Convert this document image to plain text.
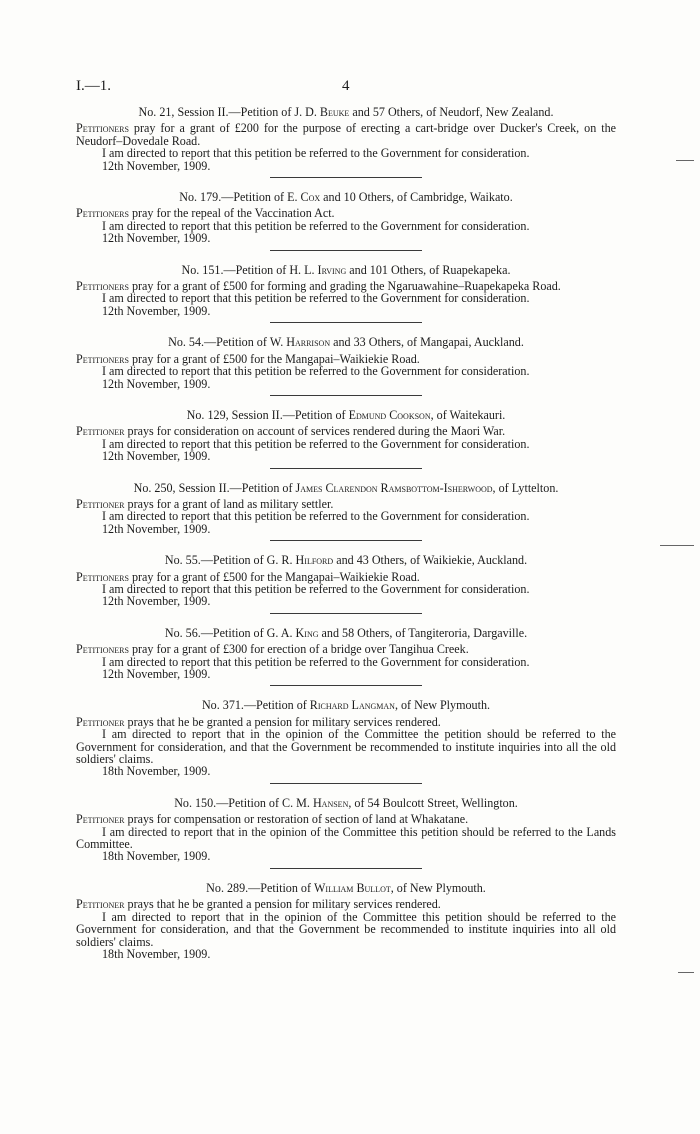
I.—1.	4
No. 21, Session II.—Petition of J. D. Beuke and 57 Others, of Neudorf, New Zealand.

Petitioners pray for a grant of £200 for the purpose of erecting a cart-bridge over Ducker's Creek, on the Neudorf–Dovedale Road.

I am directed to report that this petition be referred to the Government for consideration.

12th November, 1909.

No. 179.—Petition of E. Cox and 10 Others, of Cambridge, Waikato.

Petitioners pray for the repeal of the Vaccination Act.

I am directed to report that this petition be referred to the Government for consideration.

12th November, 1909.

No. 151.—Petition of H. L. Irving and 101 Others, of Ruapekapeka.

Petitioners pray for a grant of £500 for forming and grading the Ngaruawahine–Ruapekapeka Road.

I am directed to report that this petition be referred to the Government for consideration.

12th November, 1909.

No. 54.—Petition of W. Harrison and 33 Others, of Mangapai, Auckland.

Petitioners pray for a grant of £500 for the Mangapai–Waikiekie Road.

I am directed to report that this petition be referred to the Government for consideration.

12th November, 1909.

No. 129, Session II.—Petition of Edmund Cookson, of Waitekauri.

Petitioner prays for consideration on account of services rendered during the Maori War.

I am directed to report that this petition be referred to the Government for consideration.

12th November, 1909.

No. 250, Session II.—Petition of James Clarendon Ramsbottom-Isherwood, of Lyttelton.

Petitioner prays for a grant of land as military settler.

I am directed to report that this petition be referred to the Government for consideration.

12th November, 1909.

No. 55.—Petition of G. R. Hilford and 43 Others, of Waikiekie, Auckland.

Petitioners pray for a grant of £500 for the Mangapai–Waikiekie Road.

I am directed to report that this petition be referred to the Government for consideration.

12th November, 1909.

No. 56.—Petition of G. A. King and 58 Others, of Tangiteroria, Dargaville.

Petitioners pray for a grant of £300 for erection of a bridge over Tangihua Creek.

I am directed to report that this petition be referred to the Government for consideration.

12th November, 1909.

No. 371.—Petition of Richard Langman, of New Plymouth.

Petitioner prays that he be granted a pension for military services rendered.

I am directed to report that in the opinion of the Committee the petition should be referred to the Government for consideration, and that the Government be recommended to institute inquiries into all the old soldiers' claims.

18th November, 1909.

No. 150.—Petition of C. M. Hansen, of 54 Boulcott Street, Wellington.

Petitioner prays for compensation or restoration of section of land at Whakatane.

I am directed to report that in the opinion of the Committee this petition should be referred to the Lands Committee.

18th November, 1909.

No. 289.—Petition of William Bullot, of New Plymouth.

Petitioner prays that he be granted a pension for military services rendered.

I am directed to report that in the opinion of the Committee this petition should be referred to the Government for consideration, and that the Government be recommended to institute inquiries into all old soldiers' claims.

18th November, 1909.
